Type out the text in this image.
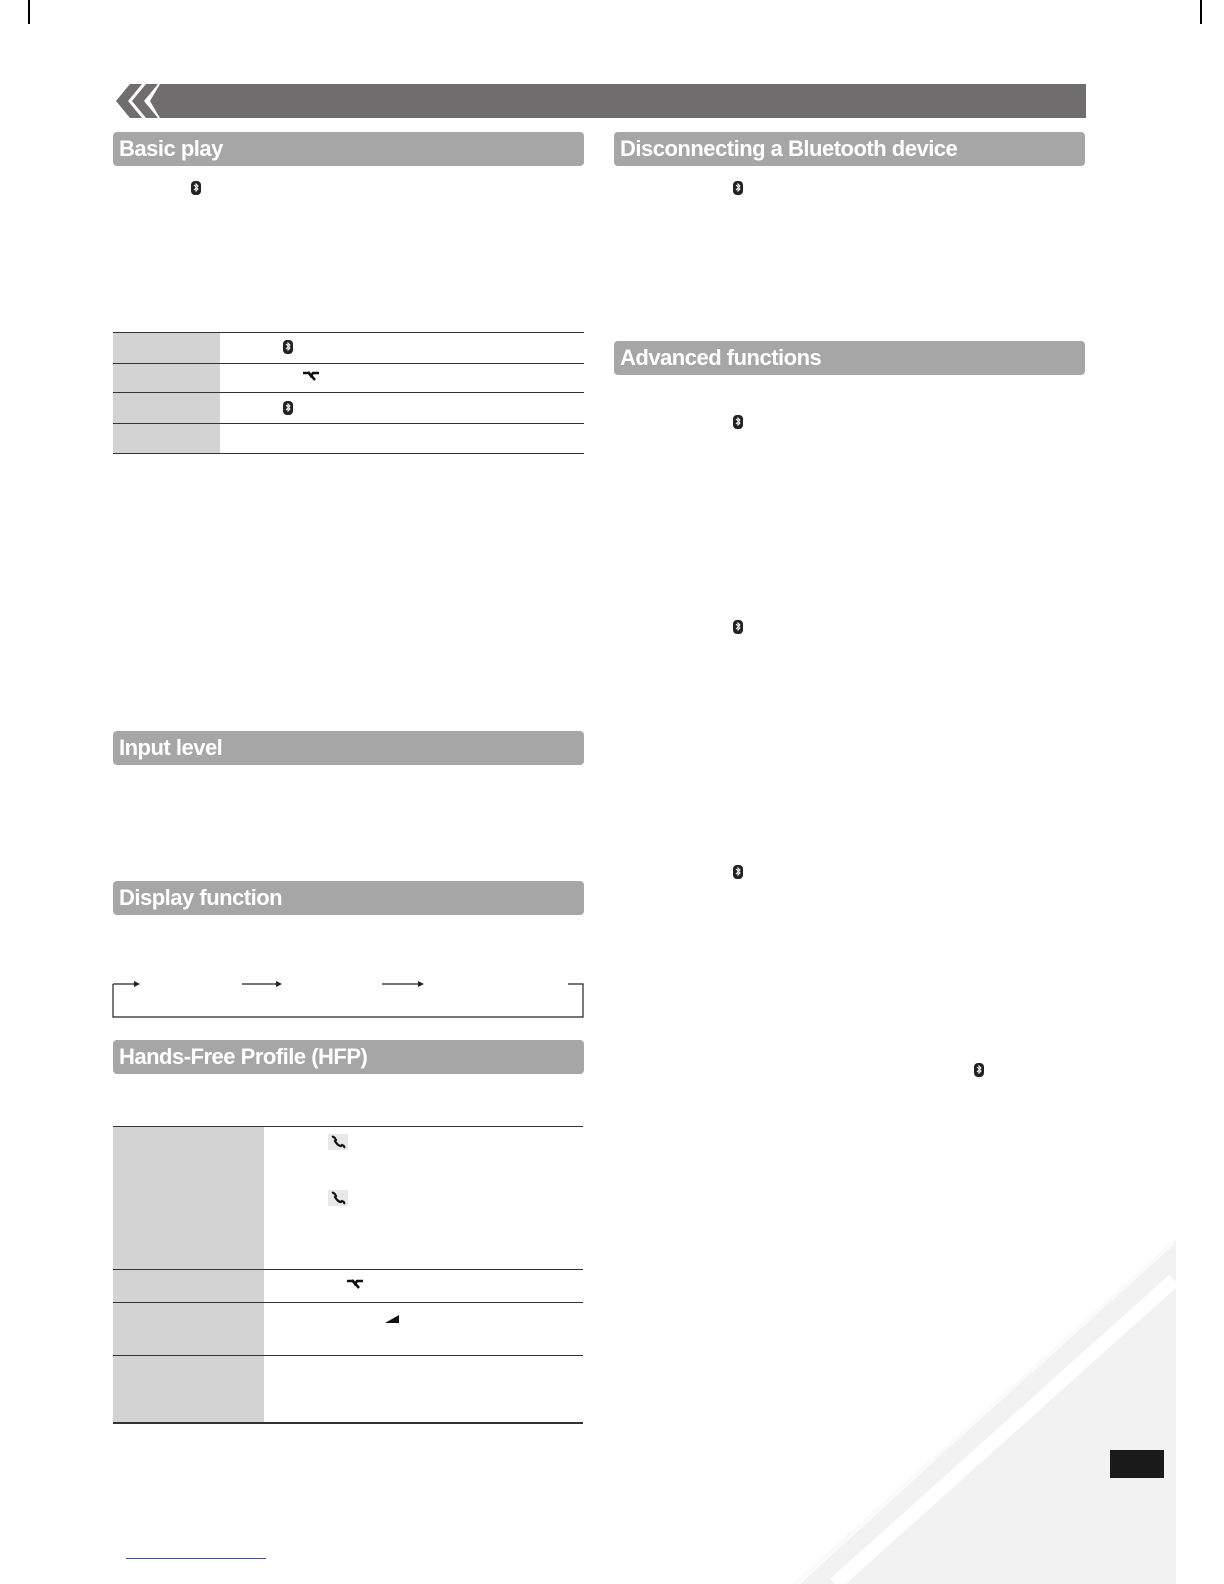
Basic play	Disconnecting a Bluetooth device
Advanced functions
Input level
Display function
Hands-Free Profile (HFP)
